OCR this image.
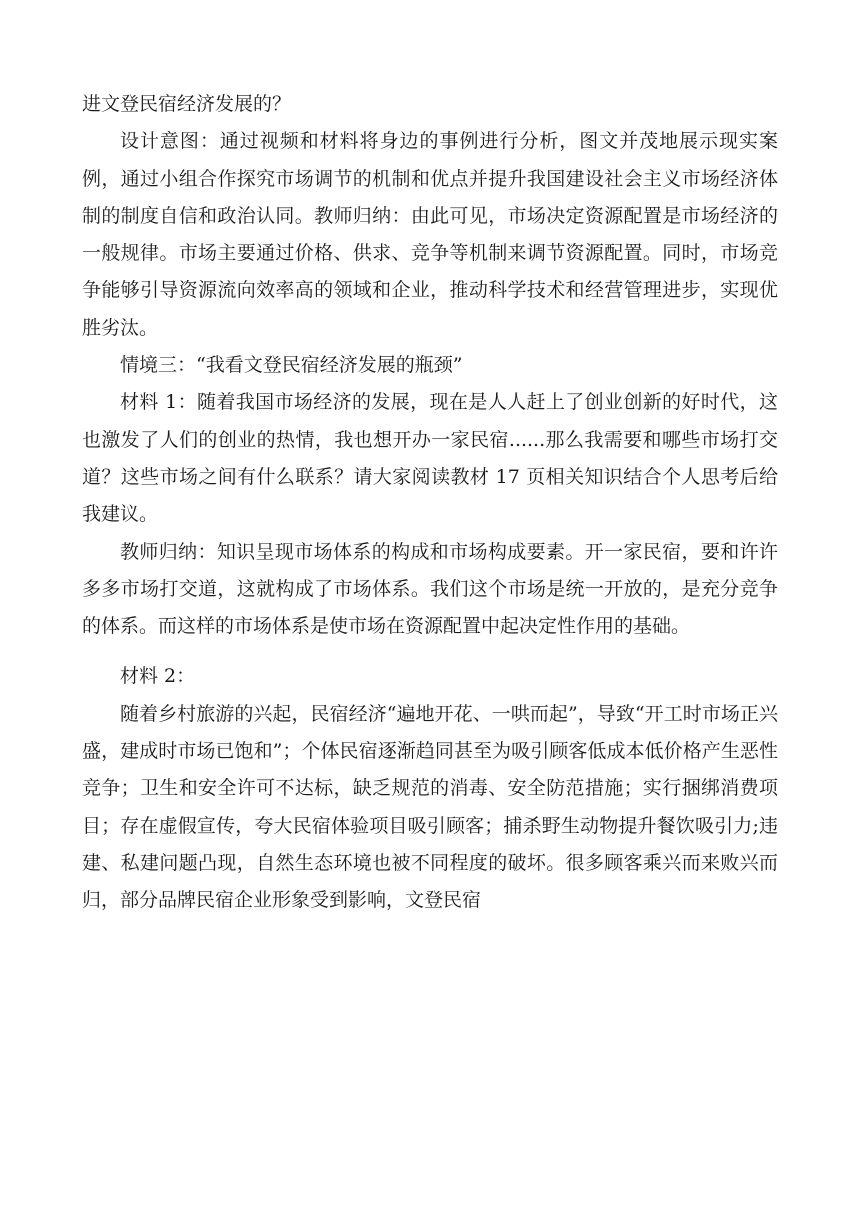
进文登民宿经济发展的？

设计意图：通过视频和材料将身边的事例进行分析，图文并茂地展示现实案例，通过小组合作探究市场调节的机制和优点并提升我国建设社会主义市场经济体制的制度自信和政治认同。教师归纳：由此可见，市场决定资源配置是市场经济的一般规律。市场主要通过价格、供求、竞争等机制来调节资源配置。同时，市场竞争能够引导资源流向效率高的领域和企业，推动科学技术和经营管理进步，实现优胜劣汰。

情境三：“我看文登民宿经济发展的瓶颈”

材料 1：随着我国市场经济的发展，现在是人人赶上了创业创新的好时代，这也激发了人们的创业的热情，我也想开办一家民宿......那么我需要和哪些市场打交道？这些市场之间有什么联系？请大家阅读教材 17 页相关知识结合个人思考后给我建议。

教师归纳：知识呈现市场体系的构成和市场构成要素。开一家民宿，要和许许多多市场打交道，这就构成了市场体系。我们这个市场是统一开放的，是充分竞争的体系。而这样的市场体系是使市场在资源配置中起决定性作用的基础。

材料 2：

随着乡村旅游的兴起，民宿经济“遍地开花、一哄而起”，导致“开工时市场正兴盛，建成时市场已饱和”；个体民宿逐渐趋同甚至为吸引顾客低成本低价格产生恶性竞争；卫生和安全许可不达标，缺乏规范的消毒、安全防范措施；实行捆绑消费项目；存在虚假宣传，夸大民宿体验项目吸引顾客；捕杀野生动物提升餐饮吸引力;违建、私建问题凸现，自然生态环境也被不同程度的破坏。很多顾客乘兴而来败兴而归，部分品牌民宿企业形象受到影响，文登民宿
